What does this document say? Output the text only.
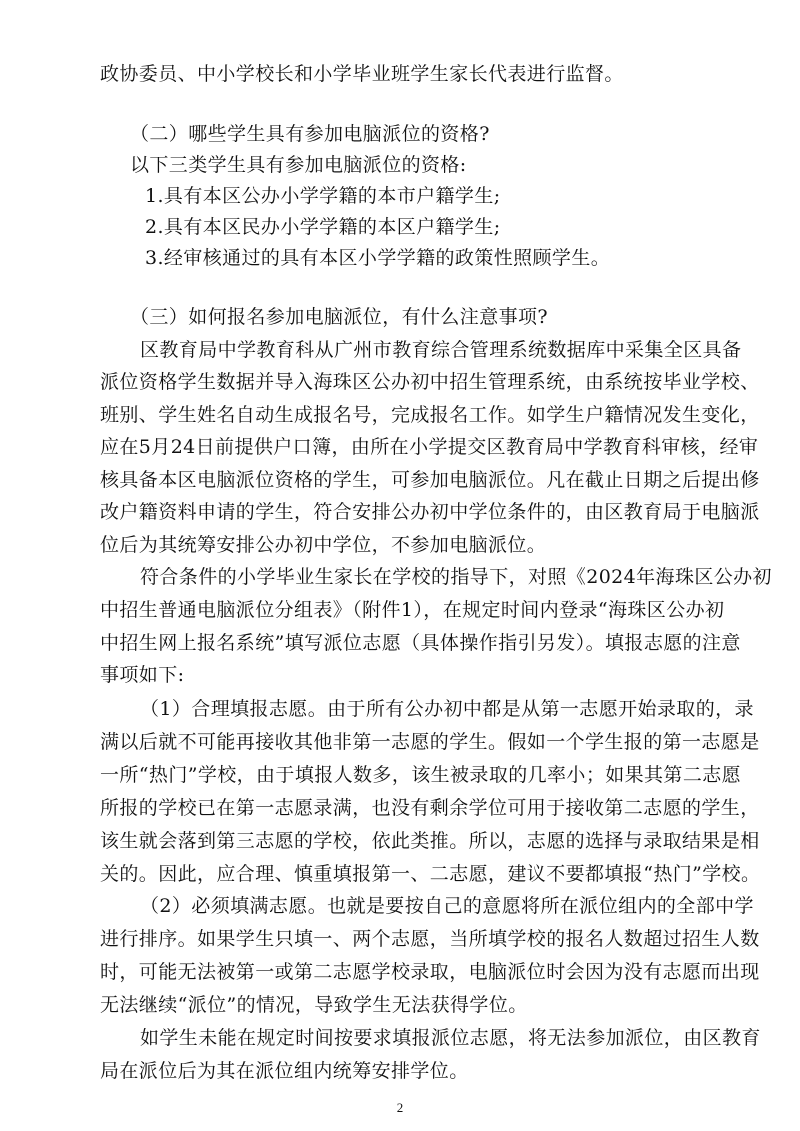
政协委员、中小学校长和小学毕业班学生家长代表进行监督。
（二）哪些学生具有参加电脑派位的资格?
以下三类学生具有参加电脑派位的资格:
1.具有本区公办小学学籍的本市户籍学生;
2.具有本区民办小学学籍的本区户籍学生;
3.经审核通过的具有本区小学学籍的政策性照顾学生。
（三）如何报名参加电脑派位，有什么注意事项?
区教育局中学教育科从广州市教育综合管理系统数据库中采集全区具备
派位资格学生数据并导入海珠区公办初中招生管理系统，由系统按毕业学校、
班别、学生姓名自动生成报名号，完成报名工作。如学生户籍情况发生变化，
应在5月24日前提供户口簿，由所在小学提交区教育局中学教育科审核，经审
核具备本区电脑派位资格的学生，可参加电脑派位。凡在截止日期之后提出修
改户籍资料申请的学生，符合安排公办初中学位条件的，由区教育局于电脑派
位后为其统筹安排公办初中学位，不参加电脑派位。
符合条件的小学毕业生家长在学校的指导下，对照《2024年海珠区公办初
中招生普通电脑派位分组表》（附件1），在规定时间内登录“海珠区公办初
中招生网上报名系统”填写派位志愿（具体操作指引另发）。填报志愿的注意
事项如下:
（1）合理填报志愿。由于所有公办初中都是从第一志愿开始录取的，录
满以后就不可能再接收其他非第一志愿的学生。假如一个学生报的第一志愿是
一所“热门”学校，由于填报人数多，该生被录取的几率小；如果其第二志愿
所报的学校已在第一志愿录满，也没有剩余学位可用于接收第二志愿的学生，
该生就会落到第三志愿的学校，依此类推。所以，志愿的选择与录取结果是相
关的。因此，应合理、慎重填报第一、二志愿，建议不要都填报“热门”学校。
（2）必须填满志愿。也就是要按自己的意愿将所在派位组内的全部中学
进行排序。如果学生只填一、两个志愿，当所填学校的报名人数超过招生人数
时，可能无法被第一或第二志愿学校录取，电脑派位时会因为没有志愿而出现
无法继续“派位”的情况，导致学生无法获得学位。
如学生未能在规定时间按要求填报派位志愿，将无法参加派位，由区教育
局在派位后为其在派位组内统筹安排学位。
2
